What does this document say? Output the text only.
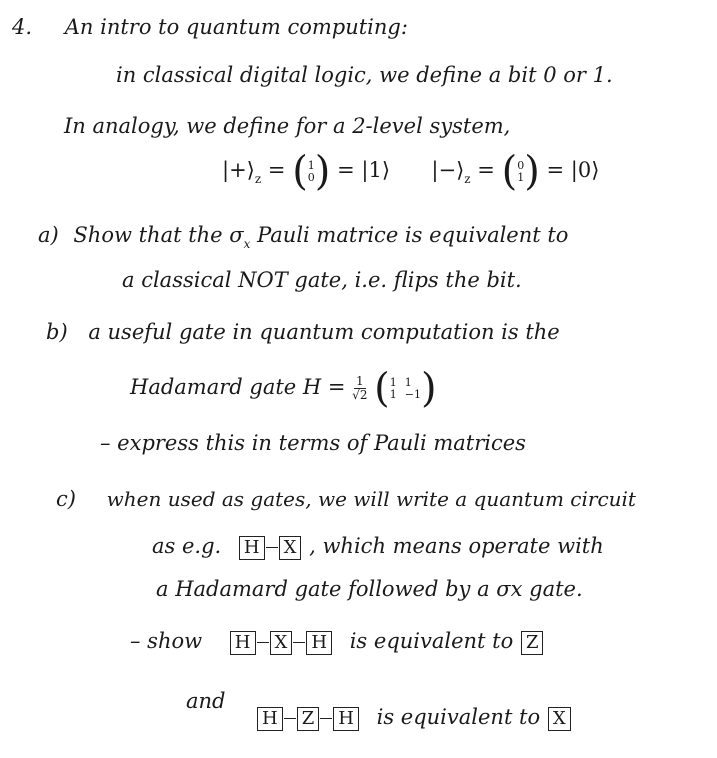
4. An intro to quantum computing:
in classical digital logic, we define a bit 0 or 1.
In analogy, we define for a 2-level system,
$|+⟩_z$ = ( 1
0 ) = |1⟩ $|-⟩_z$ = ( 0
1 ) = |0⟩
a) Show that the $\sigma_x$ Pauli matrice is equivalent to
a classical NOT gate, i.e. flips the bit.
b) a useful gate in quantum computation is the
Hadamard gate $H = \frac{1}{√2}$ ( 1 1
1 −1 )
– express this in terms of Pauli matrices
c) when used as gates, we will write a quantum circuit
as e.g. H X , which means operate with
a Hadamard gate followed by a σx gate.
– show H X H is equivalent to Z
and
H Z H is equivalent to X
